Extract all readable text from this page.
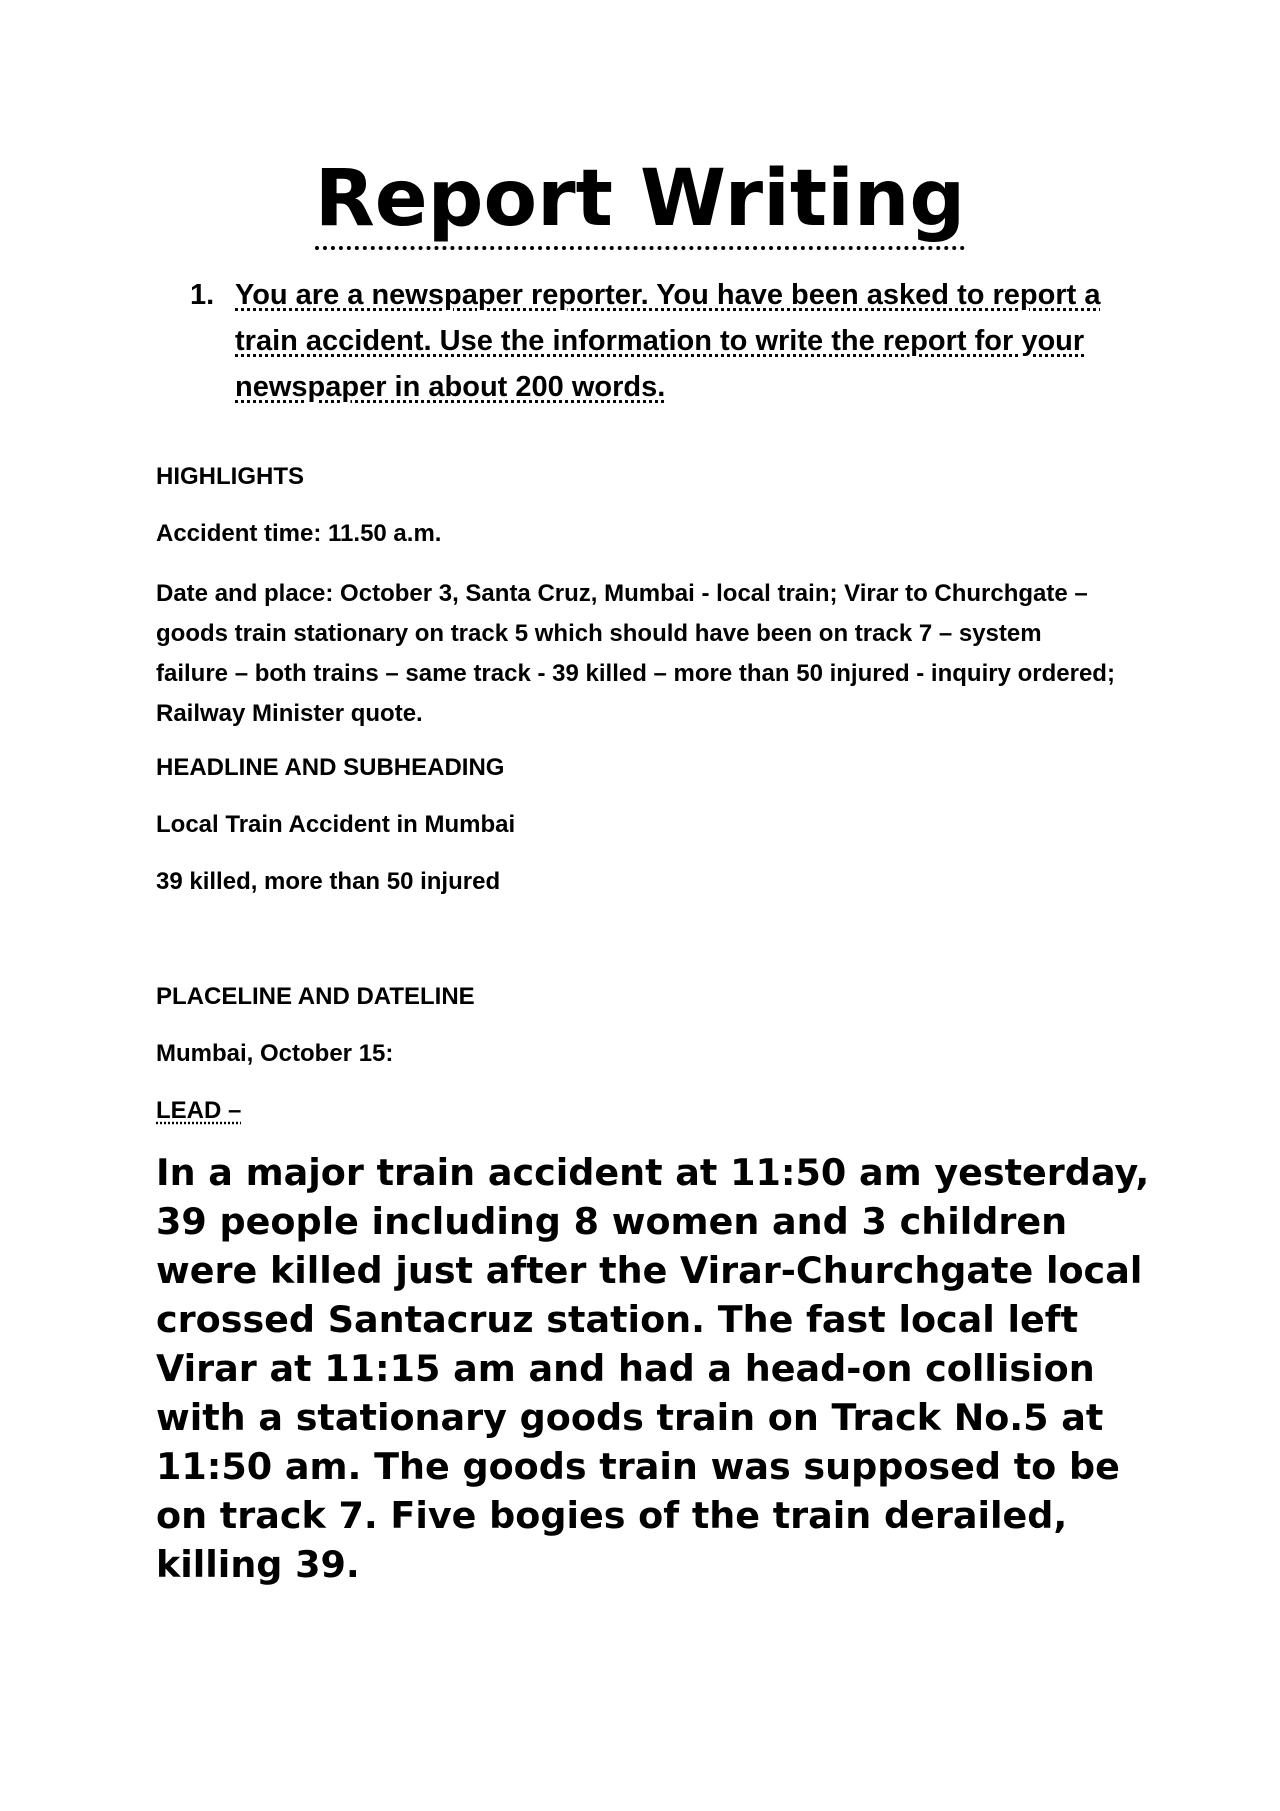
Report Writing
1. You are a newspaper reporter. You have been asked to report a train accident. Use the information to write the report for your newspaper in about 200 words.

HIGHLIGHTS

Accident time: 11.50 a.m.

Date and place: October 3, Santa Cruz, Mumbai - local train; Virar to Churchgate – goods train stationary on track 5 which should have been on track 7 – system failure – both trains – same track - 39 killed – more than 50 injured - inquiry ordered; Railway Minister quote.

HEADLINE AND SUBHEADING

Local Train Accident in Mumbai

39 killed, more than 50 injured

PLACELINE AND DATELINE

Mumbai, October 15:

LEAD –

In a major train accident at 11:50 am yesterday, 39 people including 8 women and 3 children were killed just after the Virar-Churchgate local crossed Santacruz station. The fast local left Virar at 11:15 am and had a head-on collision with a stationary goods train on Track No.5 at 11:50 am. The goods train was supposed to be on track 7. Five bogies of the train derailed, killing 39.
